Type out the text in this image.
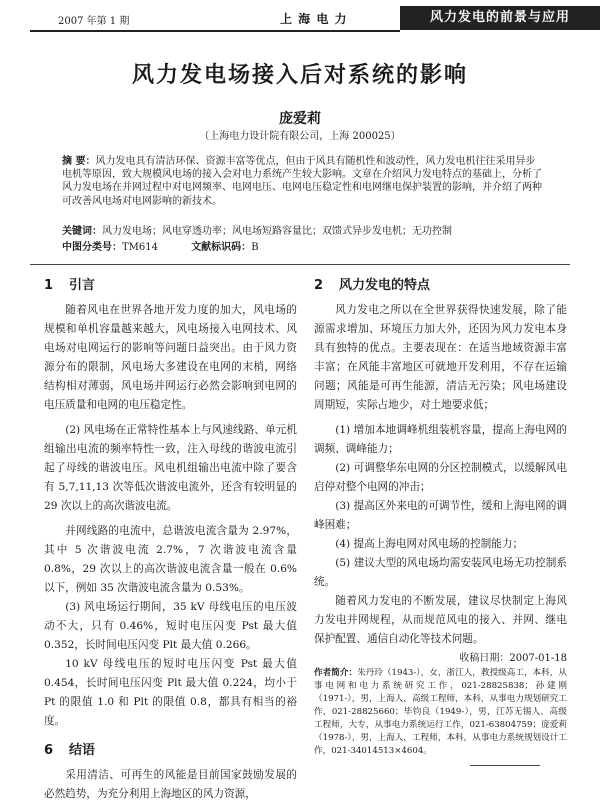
2007 年第 1 期	上 海 电 力	风力发电的前景与应用
风力发电场接入后对系统的影响
庞爱莉
（上海电力设计院有限公司，上海 200025）
摘 要：风力发电具有清洁环保、资源丰富等优点，但由于风具有随机性和波动性，风力发电机往往采用异步电机等原因，致大规模风电场的接入会对电力系统产生较大影响。文章在介绍风力发电特点的基础上，分析了风力发电场在并网过程中对电网频率、电网电压、电网电压稳定性和电网继电保护装置的影响，并介绍了两种可改善风电场对电网影响的新技术。
关键词：风力发电场；风电穿透功率；风电场短路容量比；双馈式异步发电机；无功控制
中图分类号：TM614	文献标识码：B
1 引言

随着风电在世界各地开发力度的加大，风电场的规模和单机容量越来越大，风电场接入电网技术、风电场对电网运行的影响等问题日益突出。由于风力资源分布的限制，风电场大多建设在电网的末梢，网络结构相对薄弱，风电场并网运行必然会影响到电网的电压质量和电网的电压稳定性。

(2) 风电场在正常特性基本上与风速线路、单元机组输出电流的频率特性一致，注入母线的谐波电流引起了母线的谐波电压。风电机组输出电流中除了要含有 5,7,11,13 次等低次谐波电流外，还含有较明显的 29 次以上的高次谐波电流。

并网线路的电流中，总谐波电流含量为 2.97%，其中 5 次谐波电流 2.7%，7 次谐波电流含量 0.8%，29 次以上的高次谐波电流含量一般在 0.6% 以下，例如 35 次谐波电流含量为 0.53%。

(3) 风电场运行期间，35 kV 母线电压的电压波动不大，只有 0.46%，短时电压闪变 Pst 最大值 0.352，长时间电压闪变 Plt 最大值 0.266。

10 kV 母线电压的短时电压闪变 Pst 最大值 0.454，长时间电压闪变 Plt 最大值 0.224，均小于 Pt 的限值 1.0 和 Plt 的限值 0.8，都具有相当的裕度。

6 结语

采用清洁、可再生的风能是目前国家鼓励发展的必然趋势，为充分利用上海地区的风力资源，

2 风力发电的特点

风力发电之所以在全世界获得快速发展，除了能源需求增加、环境压力加大外，还因为风力发电本身具有独特的优点。主要表现在：在适当地域资源丰富丰富；在风能丰富地区可就地开发利用，不存在运输问题；风能是可再生能源，清洁无污染；风电场建设周期短，实际占地少，对土地要求低；

(1) 增加本地调峰机组装机容量，提高上海电网的调频、调峰能力；

(2) 可调整华东电网的分区控制模式，以缓解风电启停对整个电网的冲击；

(3) 提高区外来电的可调节性，缓和上海电网的调峰困难；

(4) 提高上海电网对风电场的控制能力；

(5) 建议大型的风电场均需安装风电场无功控制系统。

随着风力发电的不断发展，建议尽快制定上海风力发电并网规程，从而规范风电的接入、并网、继电保护配置、通信自动化等技术问题。

收稿日期：2007-01-18

作者简介：朱丹玲（1943-），女，浙江人，教授级高工，本科，从事电网和电力系统研究工作，021-28825838；孙建刚（1971-），男，上海人，高级工程师，本科，从事电力规划研究工作，021-28825660；毕钧良（1949-），男，江苏无锡人，高级工程师，大专，从事电力系统运行工作，021-63804759；庞爱莉（1978-），男，上海人，工程师，本科，从事电力系统规划设计工作，021-34014513×4604。
